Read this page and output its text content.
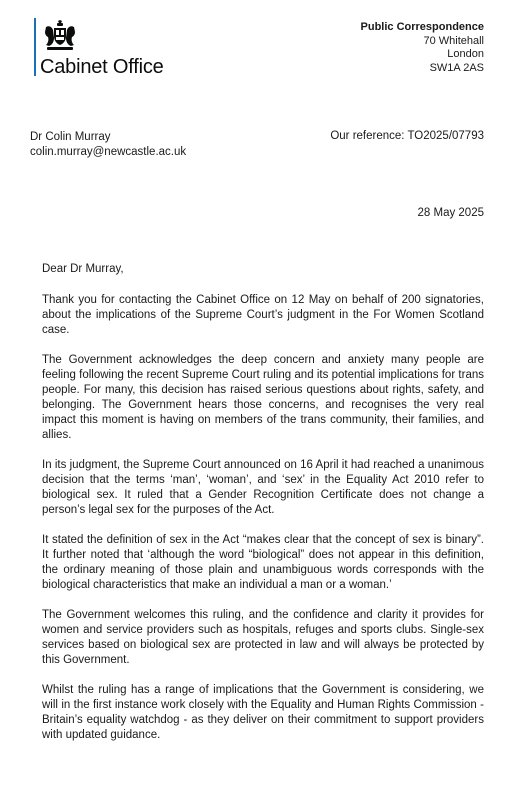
Cabinet Office
Public Correspondence
70 Whitehall
London
SW1A 2AS
Dr Colin Murray
colin.murray@newcastle.ac.uk
Our reference: TO2025/07793
28 May 2025

Dear Dr Murray,

Thank you for contacting the Cabinet Office on 12 May on behalf of 200 signatories, about the implications of the Supreme Court’s judgment in the For Women Scotland case.

The Government acknowledges the deep concern and anxiety many people are feeling following the recent Supreme Court ruling and its potential implications for trans people. For many, this decision has raised serious questions about rights, safety, and belonging. The Government hears those concerns, and recognises the very real impact this moment is having on members of the trans community, their families, and allies.

In its judgment, the Supreme Court announced on 16 April it had reached a unanimous decision that the terms ‘man’, ‘woman’, and ‘sex’ in the Equality Act 2010 refer to biological sex. It ruled that a Gender Recognition Certificate does not change a person’s legal sex for the purposes of the Act.

It stated the definition of sex in the Act “makes clear that the concept of sex is binary”. It further noted that ‘although the word “biological” does not appear in this definition, the ordinary meaning of those plain and unambiguous words corresponds with the biological characteristics that make an individual a man or a woman.’

The Government welcomes this ruling, and the confidence and clarity it provides for women and service providers such as hospitals, refuges and sports clubs. Single-sex services based on biological sex are protected in law and will always be protected by this Government.

Whilst the ruling has a range of implications that the Government is considering, we will in the first instance work closely with the Equality and Human Rights Commission - Britain’s equality watchdog - as they deliver on their commitment to support providers with updated guidance.
